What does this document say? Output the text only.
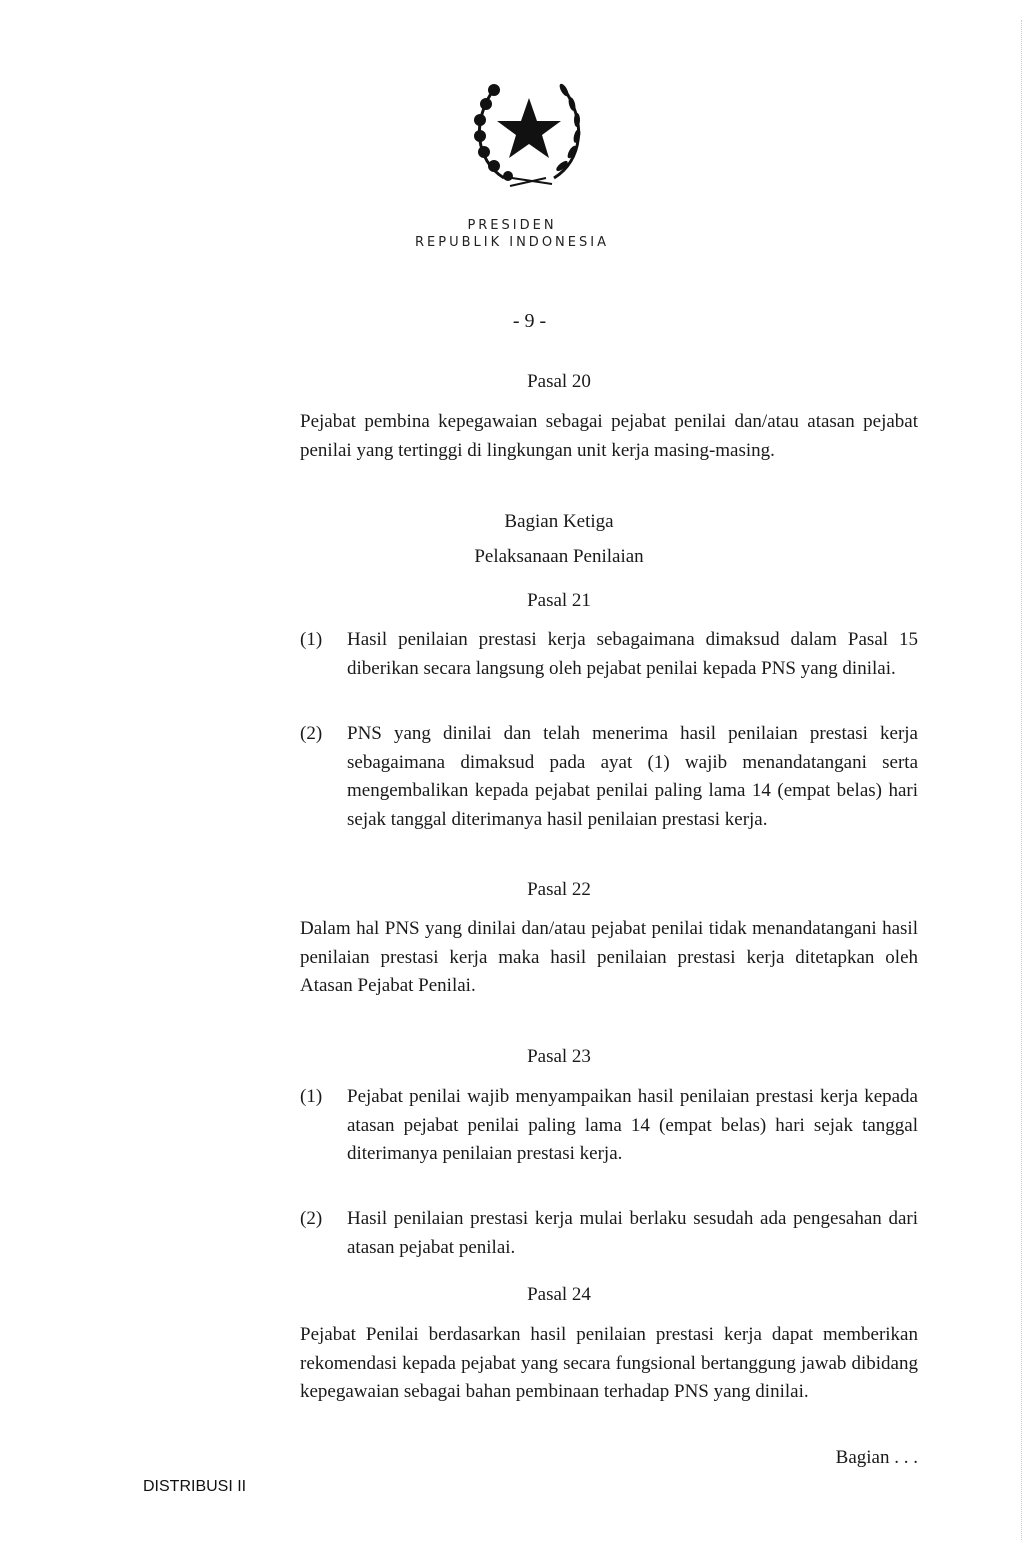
PRESIDEN
REPUBLIK INDONESIA
- 9 -
Pasal 20
Pejabat pembina kepegawaian sebagai pejabat penilai dan/atau atasan pejabat penilai yang tertinggi di lingkungan unit kerja masing-masing.
Bagian Ketiga
Pelaksanaan Penilaian
Pasal 21
(1) Hasil penilaian prestasi kerja sebagaimana dimaksud dalam Pasal 15 diberikan secara langsung oleh pejabat penilai kepada PNS yang dinilai.
(2) PNS yang dinilai dan telah menerima hasil penilaian prestasi kerja sebagaimana dimaksud pada ayat (1) wajib menandatangani serta mengembalikan kepada pejabat penilai paling lama 14 (empat belas) hari sejak tanggal diterimanya hasil penilaian prestasi kerja.
Pasal 22
Dalam hal PNS yang dinilai dan/atau pejabat penilai tidak menandatangani hasil penilaian prestasi kerja maka hasil penilaian prestasi kerja ditetapkan oleh Atasan Pejabat Penilai.
Pasal 23
(1) Pejabat penilai wajib menyampaikan hasil penilaian prestasi kerja kepada atasan pejabat penilai paling lama 14 (empat belas) hari sejak tanggal diterimanya penilaian prestasi kerja.
(2) Hasil penilaian prestasi kerja mulai berlaku sesudah ada pengesahan dari atasan pejabat penilai.
Pasal 24
Pejabat Penilai berdasarkan hasil penilaian prestasi kerja dapat memberikan rekomendasi kepada pejabat yang secara fungsional bertanggung jawab dibidang kepegawaian sebagai bahan pembinaan terhadap PNS yang dinilai.
Bagian . . .
DISTRIBUSI II
